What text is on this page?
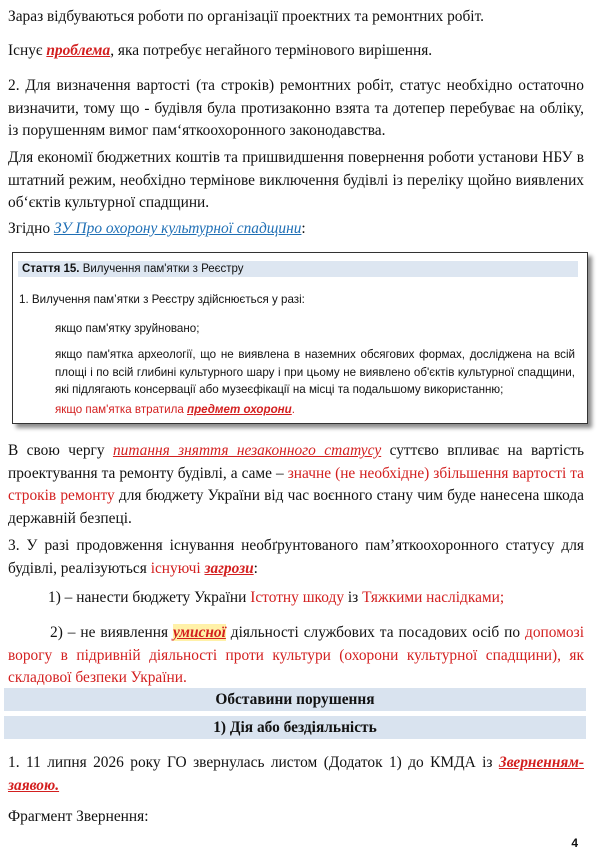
Зараз відбуваються роботи по організації проектних та ремонтних робіт.

Існує проблема, яка потребує негайного термінового вирішення.

2. Для визначення вартості (та строків) ремонтних робіт, статус необхідно остаточно визначити, тому що - будівля була протизаконно взята та дотепер перебуває на обліку, із порушенням вимог пам‘яткоохоронного законодавства.

Для економії бюджетних коштів та пришвидшення повернення роботи установи НБУ в штатний режим, необхідно термінове виключення будівлі із переліку щойно виявлених об‘єктів культурної спадщини.

Згідно ЗУ Про охорону культурної спадщини:

Стаття 15. Вилучення пам'ятки з Реєстру
1. Вилучення пам’ятки з Реєстру здійснюється у разі:
якщо пам'ятку зруйновано;
якщо пам'ятка археології, що не виявлена в наземних обсягових формах, досліджена на всій площі і по всій глибині культурного шару і при цьому не виявлено об'єктів культурної спадщини, які підлягають консервації або музеєфікації на місці та подальшому використанню;
якщо пам'ятка втратила предмет охорони.

В свою чергу питання зняття незаконного статусу суттєво впливає на вартість проектування та ремонту будівлі, а саме – значне (не необхідне) збільшення вартості та строків ремонту для бюджету України від час воєнного стану чим буде нанесена шкода державній безпеці.

3. У разі продовження існування необґрунтованого пам’яткоохоронного статусу для будівлі, реалізуються існуючі загрози:

1) – нанести бюджету України Істотну шкоду із Тяжкими наслідками;

2) – не виявлення умисної діяльності службових та посадових осіб по допомозі ворогу в підривній діяльності проти культури (охорони культурної спадщини), як складової безпеки України.

Обставини порушення
1) Дія або бездіяльність

1. 11 липня 2026 року ГО звернулась листом (Додаток 1) до КМДА із Зверненням-заявою.

Фрагмент Звернення:

4
